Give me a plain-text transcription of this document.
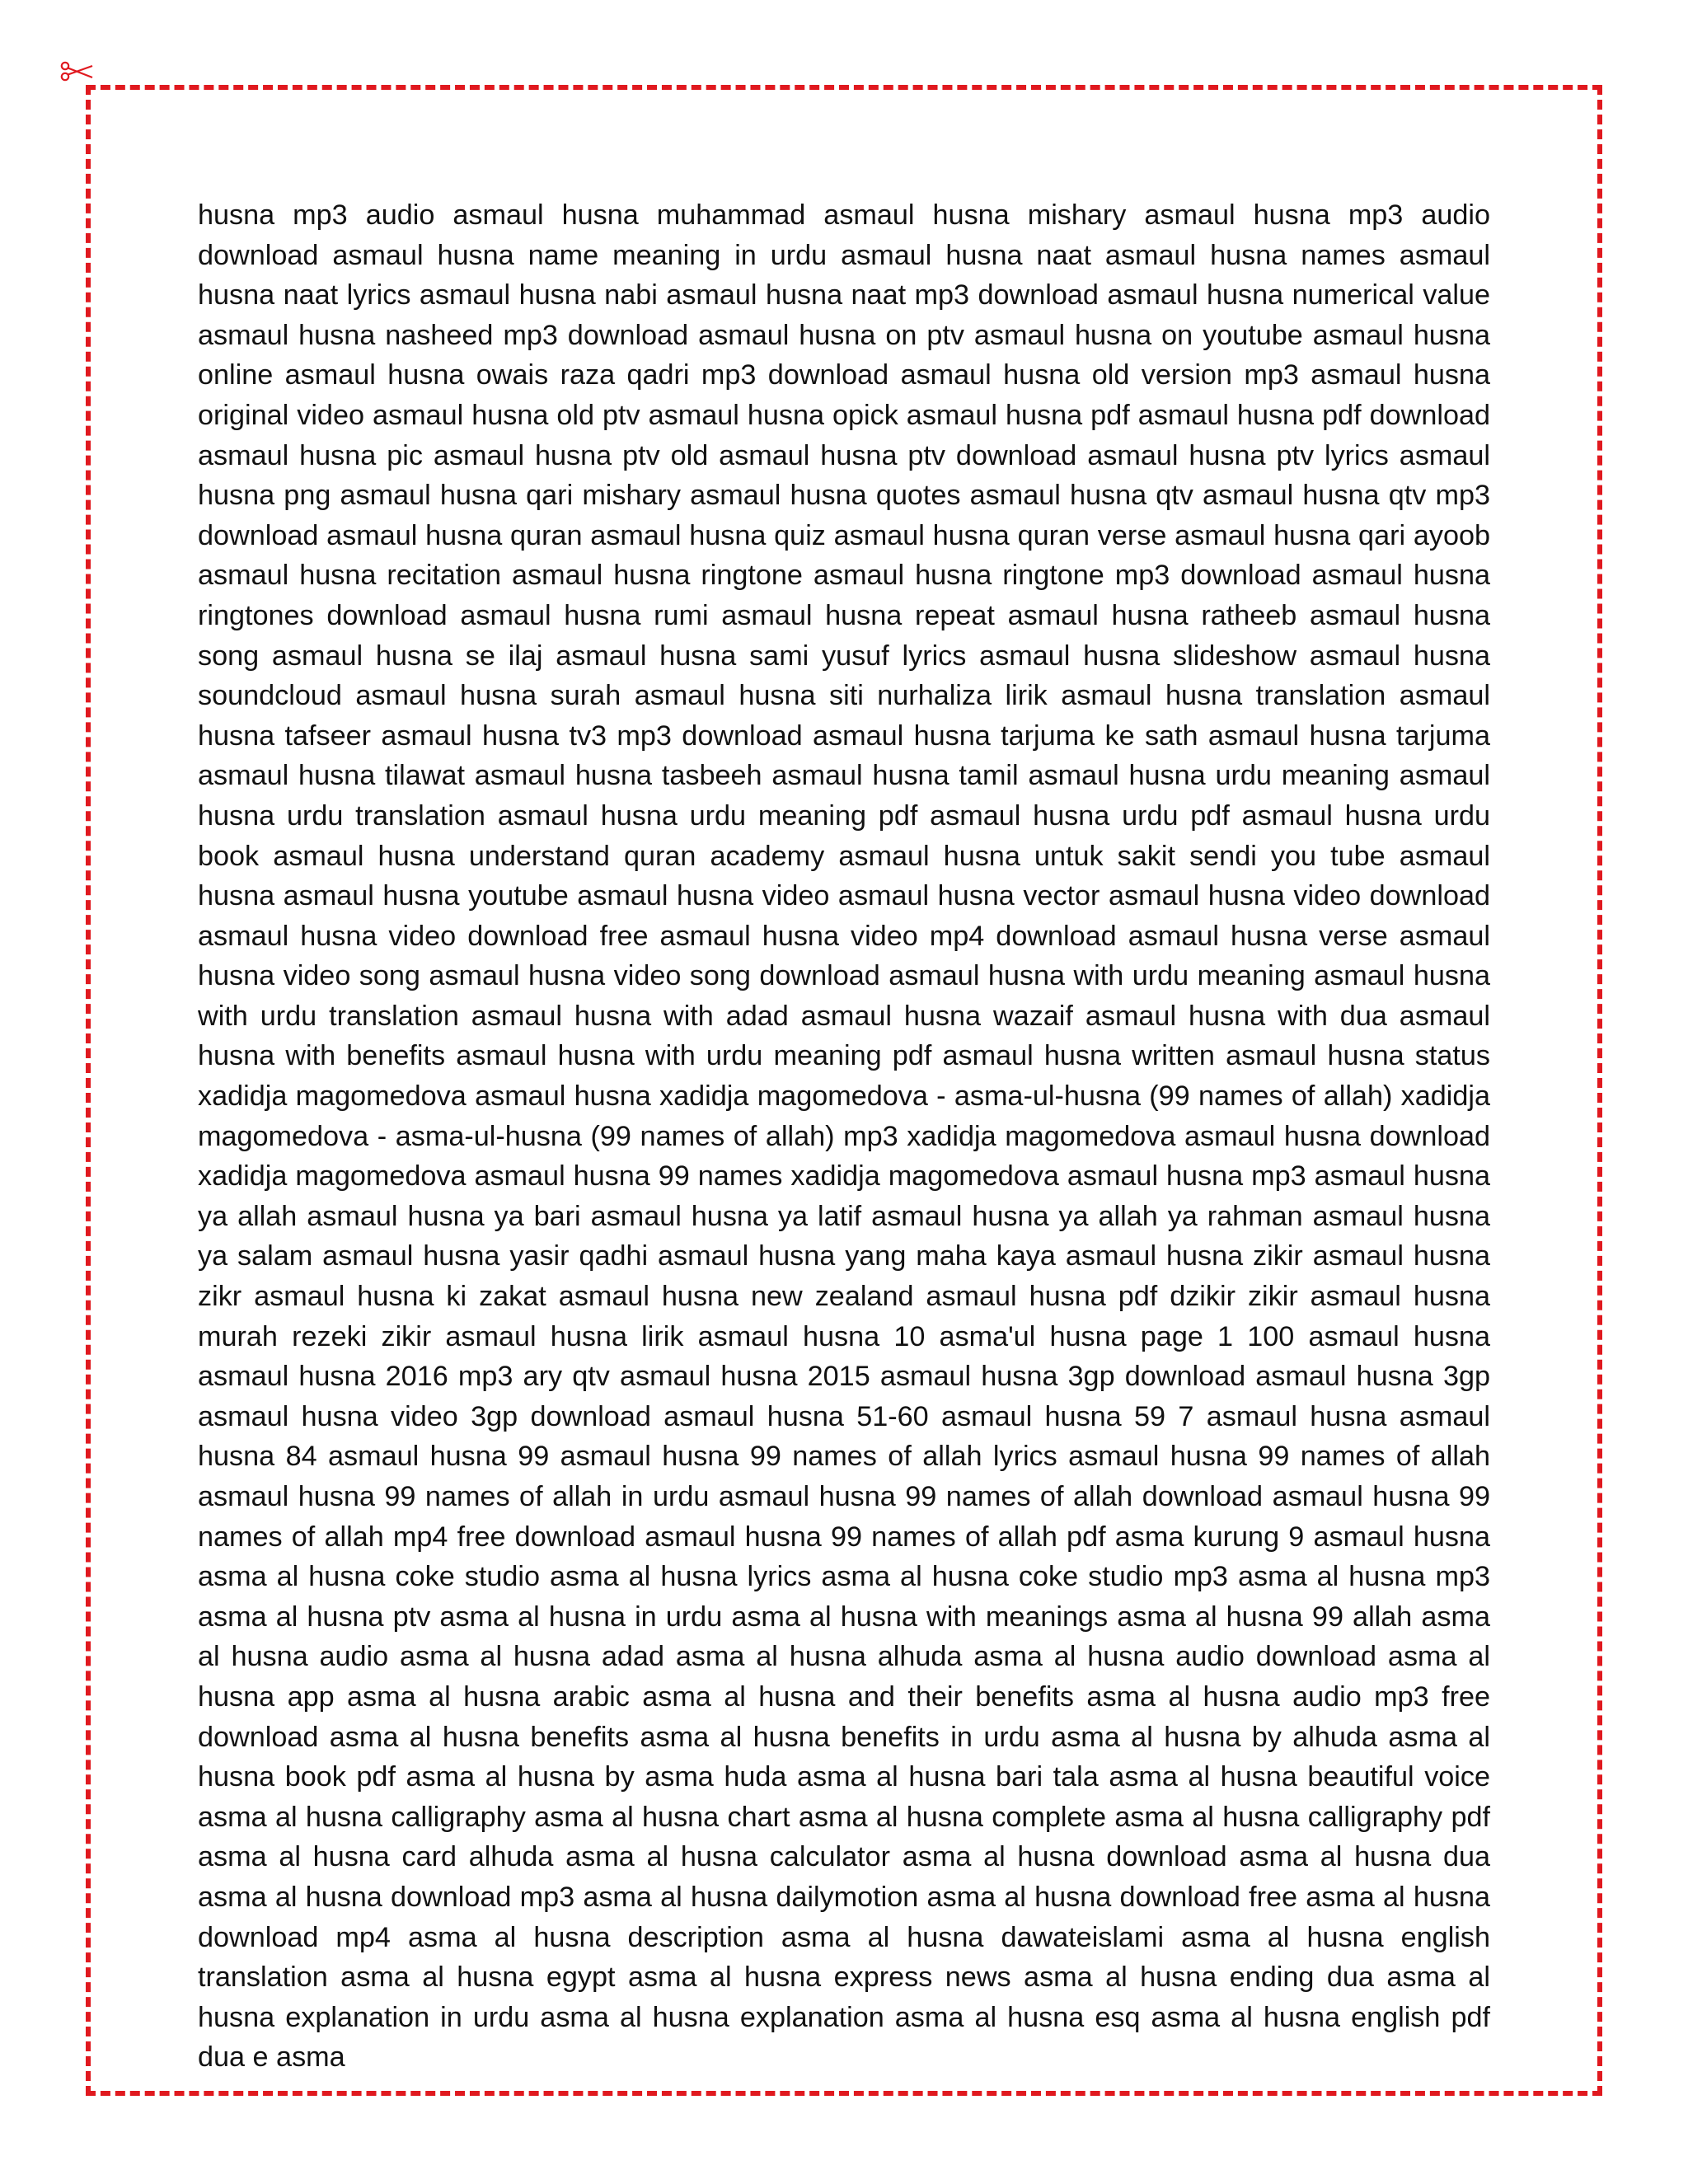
husna mp3 audio asmaul husna muhammad asmaul husna mishary asmaul husna mp3 audio download asmaul husna name meaning in urdu asmaul husna naat asmaul husna names asmaul husna naat lyrics asmaul husna nabi asmaul husna naat mp3 download asmaul husna numerical value asmaul husna nasheed mp3 download asmaul husna on ptv asmaul husna on youtube asmaul husna online asmaul husna owais raza qadri mp3 download asmaul husna old version mp3 asmaul husna original video asmaul husna old ptv asmaul husna opick asmaul husna pdf asmaul husna pdf download asmaul husna pic asmaul husna ptv old asmaul husna ptv download asmaul husna ptv lyrics asmaul husna png asmaul husna qari mishary asmaul husna quotes asmaul husna qtv asmaul husna qtv mp3 download asmaul husna quran asmaul husna quiz asmaul husna quran verse asmaul husna qari ayoob asmaul husna recitation asmaul husna ringtone asmaul husna ringtone mp3 download asmaul husna ringtones download asmaul husna rumi asmaul husna repeat asmaul husna ratheeb asmaul husna song asmaul husna se ilaj asmaul husna sami yusuf lyrics asmaul husna slideshow asmaul husna soundcloud asmaul husna surah asmaul husna siti nurhaliza lirik asmaul husna translation asmaul husna tafseer asmaul husna tv3 mp3 download asmaul husna tarjuma ke sath asmaul husna tarjuma asmaul husna tilawat asmaul husna tasbeeh asmaul husna tamil asmaul husna urdu meaning asmaul husna urdu translation asmaul husna urdu meaning pdf asmaul husna urdu pdf asmaul husna urdu book asmaul husna understand quran academy asmaul husna untuk sakit sendi you tube asmaul husna asmaul husna youtube asmaul husna video asmaul husna vector asmaul husna video download asmaul husna video download free asmaul husna video mp4 download asmaul husna verse asmaul husna video song asmaul husna video song download asmaul husna with urdu meaning asmaul husna with urdu translation asmaul husna with adad asmaul husna wazaif asmaul husna with dua asmaul husna with benefits asmaul husna with urdu meaning pdf asmaul husna written asmaul husna status xadidja magomedova asmaul husna xadidja magomedova - asma-ul-husna (99 names of allah) xadidja magomedova - asma-ul-husna (99 names of allah) mp3 xadidja magomedova asmaul husna download xadidja magomedova asmaul husna 99 names xadidja magomedova asmaul husna mp3 asmaul husna ya allah asmaul husna ya bari asmaul husna ya latif asmaul husna ya allah ya rahman asmaul husna ya salam asmaul husna yasir qadhi asmaul husna yang maha kaya asmaul husna zikir asmaul husna zikr asmaul husna ki zakat asmaul husna new zealand asmaul husna pdf dzikir zikir asmaul husna murah rezeki zikir asmaul husna lirik asmaul husna 10 asma'ul husna page 1 100 asmaul husna asmaul husna 2016 mp3 ary qtv asmaul husna 2015 asmaul husna 3gp download asmaul husna 3gp asmaul husna video 3gp download asmaul husna 51-60 asmaul husna 59 7 asmaul husna asmaul husna 84 asmaul husna 99 asmaul husna 99 names of allah lyrics asmaul husna 99 names of allah asmaul husna 99 names of allah in urdu asmaul husna 99 names of allah download asmaul husna 99 names of allah mp4 free download asmaul husna 99 names of allah pdf asma kurung 9 asmaul husna asma al husna coke studio asma al husna lyrics asma al husna coke studio mp3 asma al husna mp3 asma al husna ptv asma al husna in urdu asma al husna with meanings asma al husna 99 allah asma al husna audio asma al husna adad asma al husna alhuda asma al husna audio download asma al husna app asma al husna arabic asma al husna and their benefits asma al husna audio mp3 free download asma al husna benefits asma al husna benefits in urdu asma al husna by alhuda asma al husna book pdf asma al husna by asma huda asma al husna bari tala asma al husna beautiful voice asma al husna calligraphy asma al husna chart asma al husna complete asma al husna calligraphy pdf asma al husna card alhuda asma al husna calculator asma al husna download asma al husna dua asma al husna download mp3 asma al husna dailymotion asma al husna download free asma al husna download mp4 asma al husna description asma al husna dawateislami asma al husna english translation asma al husna egypt asma al husna express news asma al husna ending dua asma al husna explanation in urdu asma al husna explanation asma al husna esq asma al husna english pdf dua e asma
